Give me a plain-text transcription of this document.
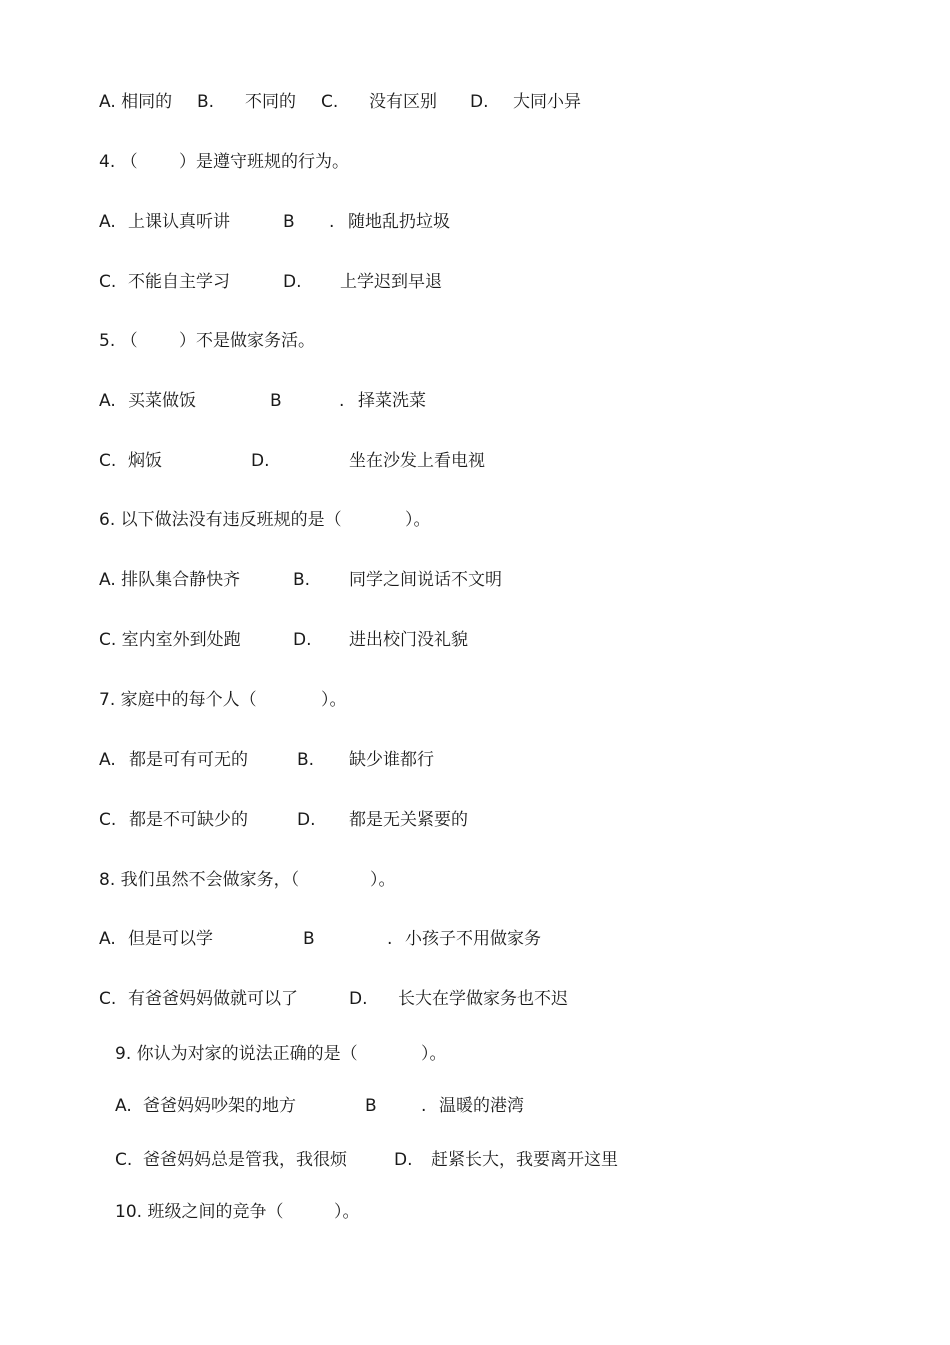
A. 相同的

B.

不同的

C.

没有区别

D.

大同小异

4. （

）是遵守班规的行为。

A.

上课认真听讲

	B

.

随地乱扔垃圾

C.

不能自主学习

	D.

上学迟到早退

5. （

）不是做家务活。

A.

买菜做饭

	B

	.

择菜洗菜

C.

焖饭

	D.

	坐在沙发上看电视

6. 以下做法没有违反班规的是（

	）。

A. 排队集合静快齐

	B.

同学之间说话不文明

C. 室内室外到处跑

	D.

进出校门没礼貌

7. 家庭中的每个人（

	）。

A.

都是可有可无的

	B.

缺少谁都行

C.

都是不可缺少的

	D.

都是无关紧要的

8. 我们虽然不会做家务，（

	）。

A.

但是可以学

	B

	.

小孩子不用做家务

C.

有爸爸妈妈做就可以了

	D.

长大在学做家务也不迟

9. 你认为对家的说法正确的是（

	）。

A.

爸爸妈妈吵架的地方

	B

	.

温暖的港湾

C.

爸爸妈妈总是管我，我很烦

	D.

赶紧长大，我要离开这里

10. 班级之间的竞争（

	）。
